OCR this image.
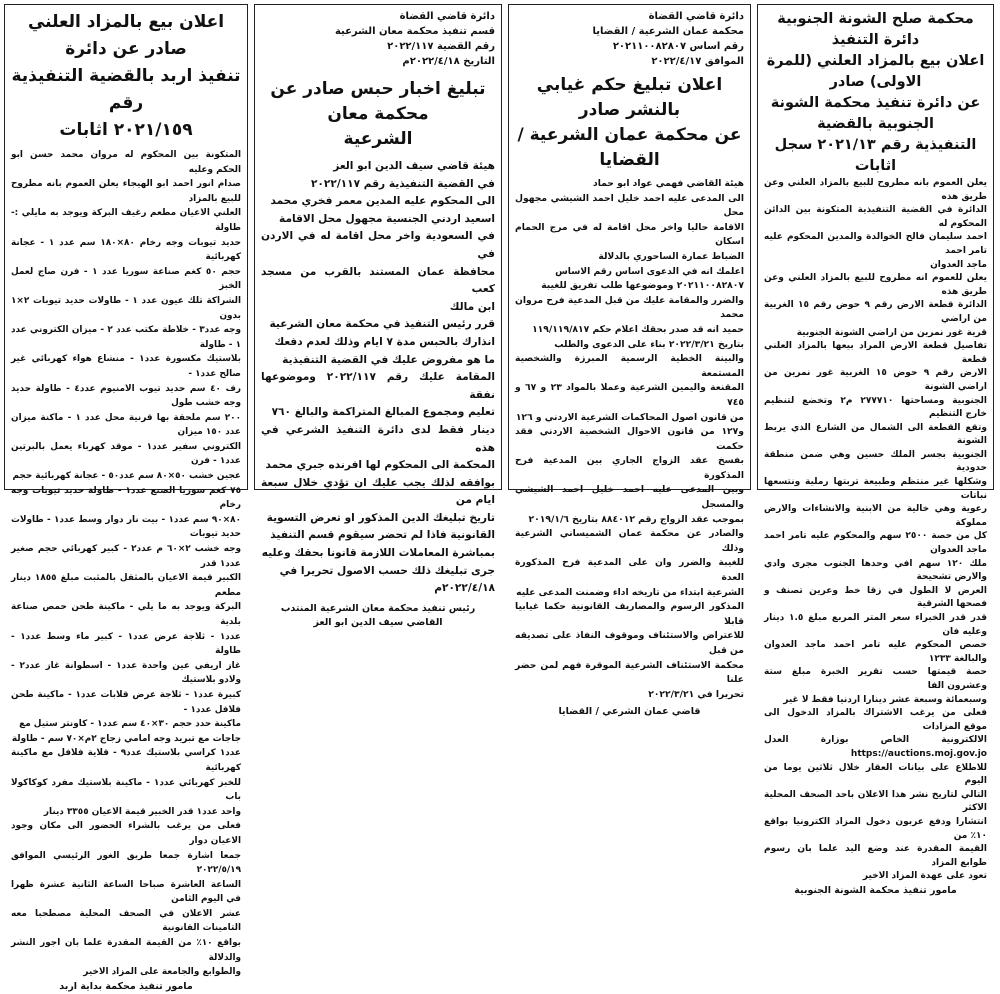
محكمة صلح الشونة الجنوبية دائرة التنفيذ
اعلان بيع بالمزاد العلني (للمرة الاولى) صادر
عن دائرة تنفيذ محكمة الشونة الجنوبية بالقضية
التنفيذية رقم ٢٠٢١/١٣ سجل اثابات
يعلن العموم بانه مطروح للبيع بالمزاد العلني وعن طريق هذه
الدائرة في القضية التنفيذية المتكونة بين الدائن المحكوم له
احمد سليمان فالح الخوالدة والمدين المحكوم عليه تامر احمد
ماجد العدوان
يعلن للعموم انه مطروح للبيع بالمزاد العلني وعن طريق هذه
الدائرة قطعة الارض رقم ٩ حوض رقم ١٥ الغربية من اراضي
قرية غور نمرين من اراضي الشونة الجنوبية
تفاصيل قطعة الارض المراد بيعها بالمزاد العلني قطعة
الارض رقم ٩ حوض ١٥ الغربية غور نمرين من اراضي الشونة
الجنوبية ومساحتها ٢٧٧٧١٠ م٢ وتخضع لتنظيم خارج التنظيم
وتقع القطعة الى الشمال من الشارع الذي يربط الشونة
الجنوبية بجسر الملك حسين وهي ضمن منطقة حدودية
وشكلها غير منتظم وطبيعة تربتها رملية ونتسعها نباتات
رعوية وهي خالية من الابنية والانشاءات والارض مملوكة
كل من حصة ٢٥٠٠ سهم والمحكوم عليه تامر احمد ماجد العدوان
ملك ١٢٠ سهم افي وحدها الجنوب مجرى وادي والارض تشحيحة
العرض لا الطول في زقا خط وعرين تصنف و فصحها الشرقية
قدر قدر الخبراء سعر المتر المربع مبلغ ١.٥ دينار وعليه فان
حصص المحكوم عليه تامر احمد ماجد العدوان والبالغة ١٢٣٣
حصة قيمتها حسب تقرير الخبرة مبلغ ستة وعشرون الفا
وسبعمائة وسبعة عشر دينارا اردنيا فقط لا غير
فعلى من يرغب الاشتراك بالمزاد الدخول الى موقع المزادات
الالكترونية الخاص بوزارة العدل https://auctions.moj.gov.jo
للاطلاع على بيانات العقار خلال ثلاثين يوما من اليوم
التالي لتاريخ نشر هذا الاعلان باحد الصحف المحلية الاكثر
انتشارا ودفع عربون دخول المزاد الكترونيا بواقع ١٠٪ من
القيمة المقدرة عند وضع اليد علما بان رسوم طوابع المزاد
تعود على عهدة المزاد الاخير
مامور تنفيذ محكمة الشونة الجنوبية
دائرة قاضي القضاة
محكمة عمان الشرعية / القضايا
رقم اساس ٢٠٢١١٠٠٨٢٨٠٧
الموافق ٢٠٢٢/٤/١٧
اعلان تبليغ حكم غيابي بالنشر صادر
عن محكمة عمان الشرعية / القضايا
هيئة القاضي فهمي عواد ابو حماد
الى المدعى عليه احمد خليل احمد الشيشي مجهول محل
الاقامة حاليا واخر محل اقامة له في مرج الحمام اسكان
الضباط عمارة الساحوري بالدلالة
اعلمك انه في الدعوى اساس رقم الاساس
٢٠٢١١٠٠٨٢٨٠٧ وموضوعها طلب تفريق للغيبة
والضرر والمقامة عليك من قبل المدعية فرح مروان محمد
حميد انه قد صدر بحقك اعلام حكم ١١٩/١١٩/٨١٧
بتاريخ ٢٠٢٢/٣/٢١ بناء على الدعوى والطلب
والبينة الخطية الرسمية المبرزة والشخصية المستمعة
المقنعة واليمين الشرعية وعملا بالمواد ٢٣ و ٦٧ و ٧٤٥
من قانون اصول المحاكمات الشرعية الاردني و ١٢٦
و١٢٧ من قانون الاحوال الشخصية الاردني فقد حكمت
بفسخ عقد الزواج الجاري بين المدعية فرح المذكورة
وبين المدعى عليه احمد خليل احمد الشيشي والمسجل
بموجب عقد الزواج رقم ٨٨٤٠١٢ بتاريخ ٢٠١٩/١/٦
والصادر عن محكمة عمان الشميساني الشرعية وذلك
للغيبة والضرر وان على المدعية فرح المذكورة العدة
الشرعية ابتداء من تاريخه اداء وضمنت المدعى عليه
المذكور الرسوم والمصاريف القانونية حكما غيابيا قابلا
للاعتراض والاستئناف وموقوف النفاذ على تصديقه من قبل
محكمة الاستئناف الشرعية الموقرة فهم لمن حضر علنا
تحريرا في ٢٠٢٢/٣/٢١
قاضي عمان الشرعي / القضايا
دائرة قاضي القضاة
قسم تنفيذ محكمة معان الشرعية
رقم القضية ٢٠٢٢/١١٧
التاريخ ٢٠٢٢/٤/١٨م
تبليغ اخبار حبس صادر عن محكمة معان
الشرعية
هيئة قاضي سيف الدين ابو العز
في القضية التنفيذية رقم ٢٠٢٢/١١٧
الى المحكوم عليه المدين معمر فخري محمد
اسعيد اردني الجنسية مجهول محل الاقامة
في السعودية واخر محل اقامة له في الاردن في
محافظة عمان المستند بالقرب من مسجد كعب
ابن مالك
قرر رئيس التنفيذ في محكمة معان الشرعية
انذارك بالحبس مدة ٧ ايام وذلك لعدم دفعك
ما هو مفروض عليك في القضية التنفيذية
المقامة عليك رقم ٢٠٢٢/١١٧ وموضوعها نفقة
تعليم ومجموع المبالغ المتراكمة والبالغ ٧٦٠
دينار فقط لدى دائرة التنفيذ الشرعي في هذه
المحكمة الى المحكوم لها افرنده جبري محمد
بوافقه لذلك يجب عليك ان تؤدي خلال سبعة ايام من
تاريخ تبليغك الدين المذكور او تعرض التسوية
القانونية فاذا لم تحضر سيقوم قسم التنفيذ
بمباشرة المعاملات اللازمة قانونا بحقك وعليه
جرى تبليغك ذلك حسب الاصول تحريرا في
٢٠٢٢/٤/١٨م
رئيس تنفيذ محكمة معان الشرعية المنتدب
القاضي سيف الدين ابو العز
اعلان بيع بالمزاد العلني صادر عن دائرة
تنفيذ اربد بالقضية التنفيذية رقم
٢٠٢١/١٥٩ اثابات
المتكونة بين المحكوم له مروان محمد حسن ابو الحكم وعليه
صدام انور احمد ابو الهيجاء يعلن العموم بانه مطروح للبيع بالمزاد
العلني الاعيان مطعم رغيف البركة ويوجد به مايلي :- طاولة
حديد تيوبات وجه رخام ٨٠×١٨٠ سم عدد ١ - عجانة كهربائية
حجم ٥٠ كغم صناعة سوريا عدد ١ - فرن صاج لعمل الخبز
الشراكة تلك عيون عدد ١ - طاولات حديد تيوبات ٢×١ بدون
وجه عدد٣ - خلاطة مكتب عدد ٢ - ميزان الكتروني عدد ١ - طاولة
بلاستيك مكسورة عدد١ - منشاع هواء كهربائي غير صالح عدد١ -
رف ٤٠ سم حديد تيوب الامنيوم عدد٤ - طاولة حديد وجه خشب طول
٢٠٠ سم ملحقة بها قرنية محل عدد ١ - ماكنة ميزان عدد ١٥٠ ميزان
الكتروني سفير عدد١ - موقد كهرباء يعمل بالبرتين عدد١ - فرن
عجين خشب ٥٠×٨٠ سم عدد٥٠ - عجانة كهربائية حجم
٧٥ كغم سوريا الصنع عدد١ - طاولة حديد تيوبات وجه رخام
٨٠×٩٠ سم عدد١ - بيت نار دوار وسط عدد١ - طاولات حديد تيوبات
وجه خشب ٢×٦٠ م عدد٢ - كبير كهربائي حجم صغير عدد١ قدر
الكبير قيمة الاعيان بالمثقل بالمثبت مبلغ ١٨٥٥ دينار مطعم
البركة ويوجد به ما يلي - ماكينة طحن حمص صناعة بلدية
عدد١ - ثلاجة عرض عدد١ - كبير ماء وسط عدد١ - طاولة
غاز اريفي عين واحدة عدد١ - اسطوانة غاز عدد٢ - ولادو بلاستيك
كبيرة عدد١ - ثلاجة عرض قلابات عدد١ - ماكينة طحن فلافل عدد١ -
ماكينة حدد حجم ٣٠×٤٠ سم عدد١ - كاونتر ستيل مع
جاجات مع تبريد وجه امامي زجاج ٢م×٧٠ سم - طاولة
عدد١ كراسي بلاستيك عدد٩ - قلاية فلافل مع ماكينة كهربائية
للخبز كهربائي عدد١ - ماكينة بلاستيك مفرد كوكاكولا باب
واحد عدد١ قدر الخبير قيمة الاعيان ٣٣٥٥ دينار
فعلى من يرغب بالشراء الحضور الى مكان وجود الاعيان دوار
جمعا اشارة جمعا طريق الغور الرئيسي الموافق ٢٠٢٢/٥/١٩
الساعة العاشرة صباحا الساعة الثانية عشرة ظهرا في اليوم الثامن
عشر الاعلان في الصحف المحلية مصطحبا معه التامينات القانونية
بواقع ١٠٪ من القيمة المقدرة علما بان اجور النشر والدلالة
والطوابع والجامعة على المزاد الاخير
مامور تنفيذ محكمة بداية اربد
